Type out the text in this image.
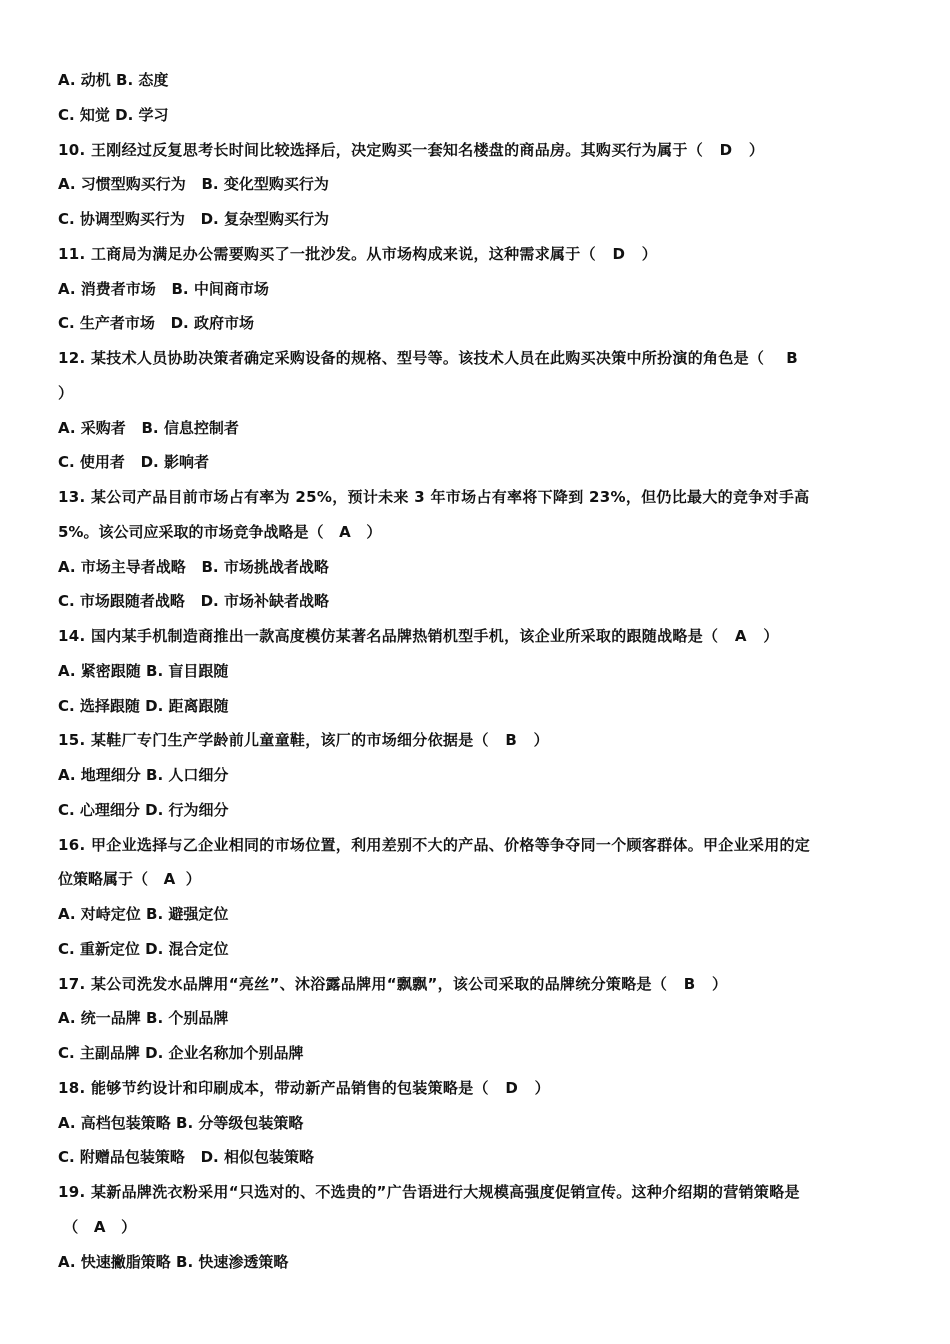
A. 动机 B. 态度
C. 知觉 D. 学习
10. 王刚经过反复思考长时间比较选择后，决定购买一套知名楼盘的商品房。其购买行为属于（   D   ）
A. 习惯型购买行为   B. 变化型购买行为
C. 协调型购买行为   D. 复杂型购买行为
11. 工商局为满足办公需要购买了一批沙发。从市场构成来说，这种需求属于（   D   ）
A. 消费者市场   B. 中间商市场
C. 生产者市场   D. 政府市场
12. 某技术人员协助决策者确定采购设备的规格、型号等。该技术人员在此购买决策中所扮演的角色是（    B
）
A. 采购者   B. 信息控制者
C. 使用者   D. 影响者
13. 某公司产品目前市场占有率为 25%，预计未来 3 年市场占有率将下降到 23%，但仍比最大的竞争对手高
5%。该公司应采取的市场竞争战略是（   A   ）
A. 市场主导者战略   B. 市场挑战者战略
C. 市场跟随者战略   D. 市场补缺者战略
14. 国内某手机制造商推出一款高度模仿某著名品牌热销机型手机，该企业所采取的跟随战略是（   A   ）
A. 紧密跟随 B. 盲目跟随
C. 选择跟随 D. 距离跟随
15. 某鞋厂专门生产学龄前儿童童鞋，该厂的市场细分依据是（   B   ）
A. 地理细分 B. 人口细分
C. 心理细分 D. 行为细分
16. 甲企业选择与乙企业相同的市场位置，利用差别不大的产品、价格等争夺同一个顾客群体。甲企业采用的定
位策略属于（   A  ）
A. 对峙定位 B. 避强定位
C. 重新定位 D. 混合定位
17. 某公司洗发水品牌用“亮丝”、沐浴露品牌用“飘飘”，该公司采取的品牌统分策略是（   B   ）
A. 统一品牌 B. 个别品牌
C. 主副品牌 D. 企业名称加个别品牌
18. 能够节约设计和印刷成本，带动新产品销售的包装策略是（   D   ）
A. 高档包装策略 B. 分等级包装策略
C. 附赠品包装策略   D. 相似包装策略
19. 某新品牌洗衣粉采用“只选对的、不选贵的”广告语进行大规模高强度促销宣传。这种介绍期的营销策略是
（   A   ）
A. 快速撇脂策略 B. 快速渗透策略
